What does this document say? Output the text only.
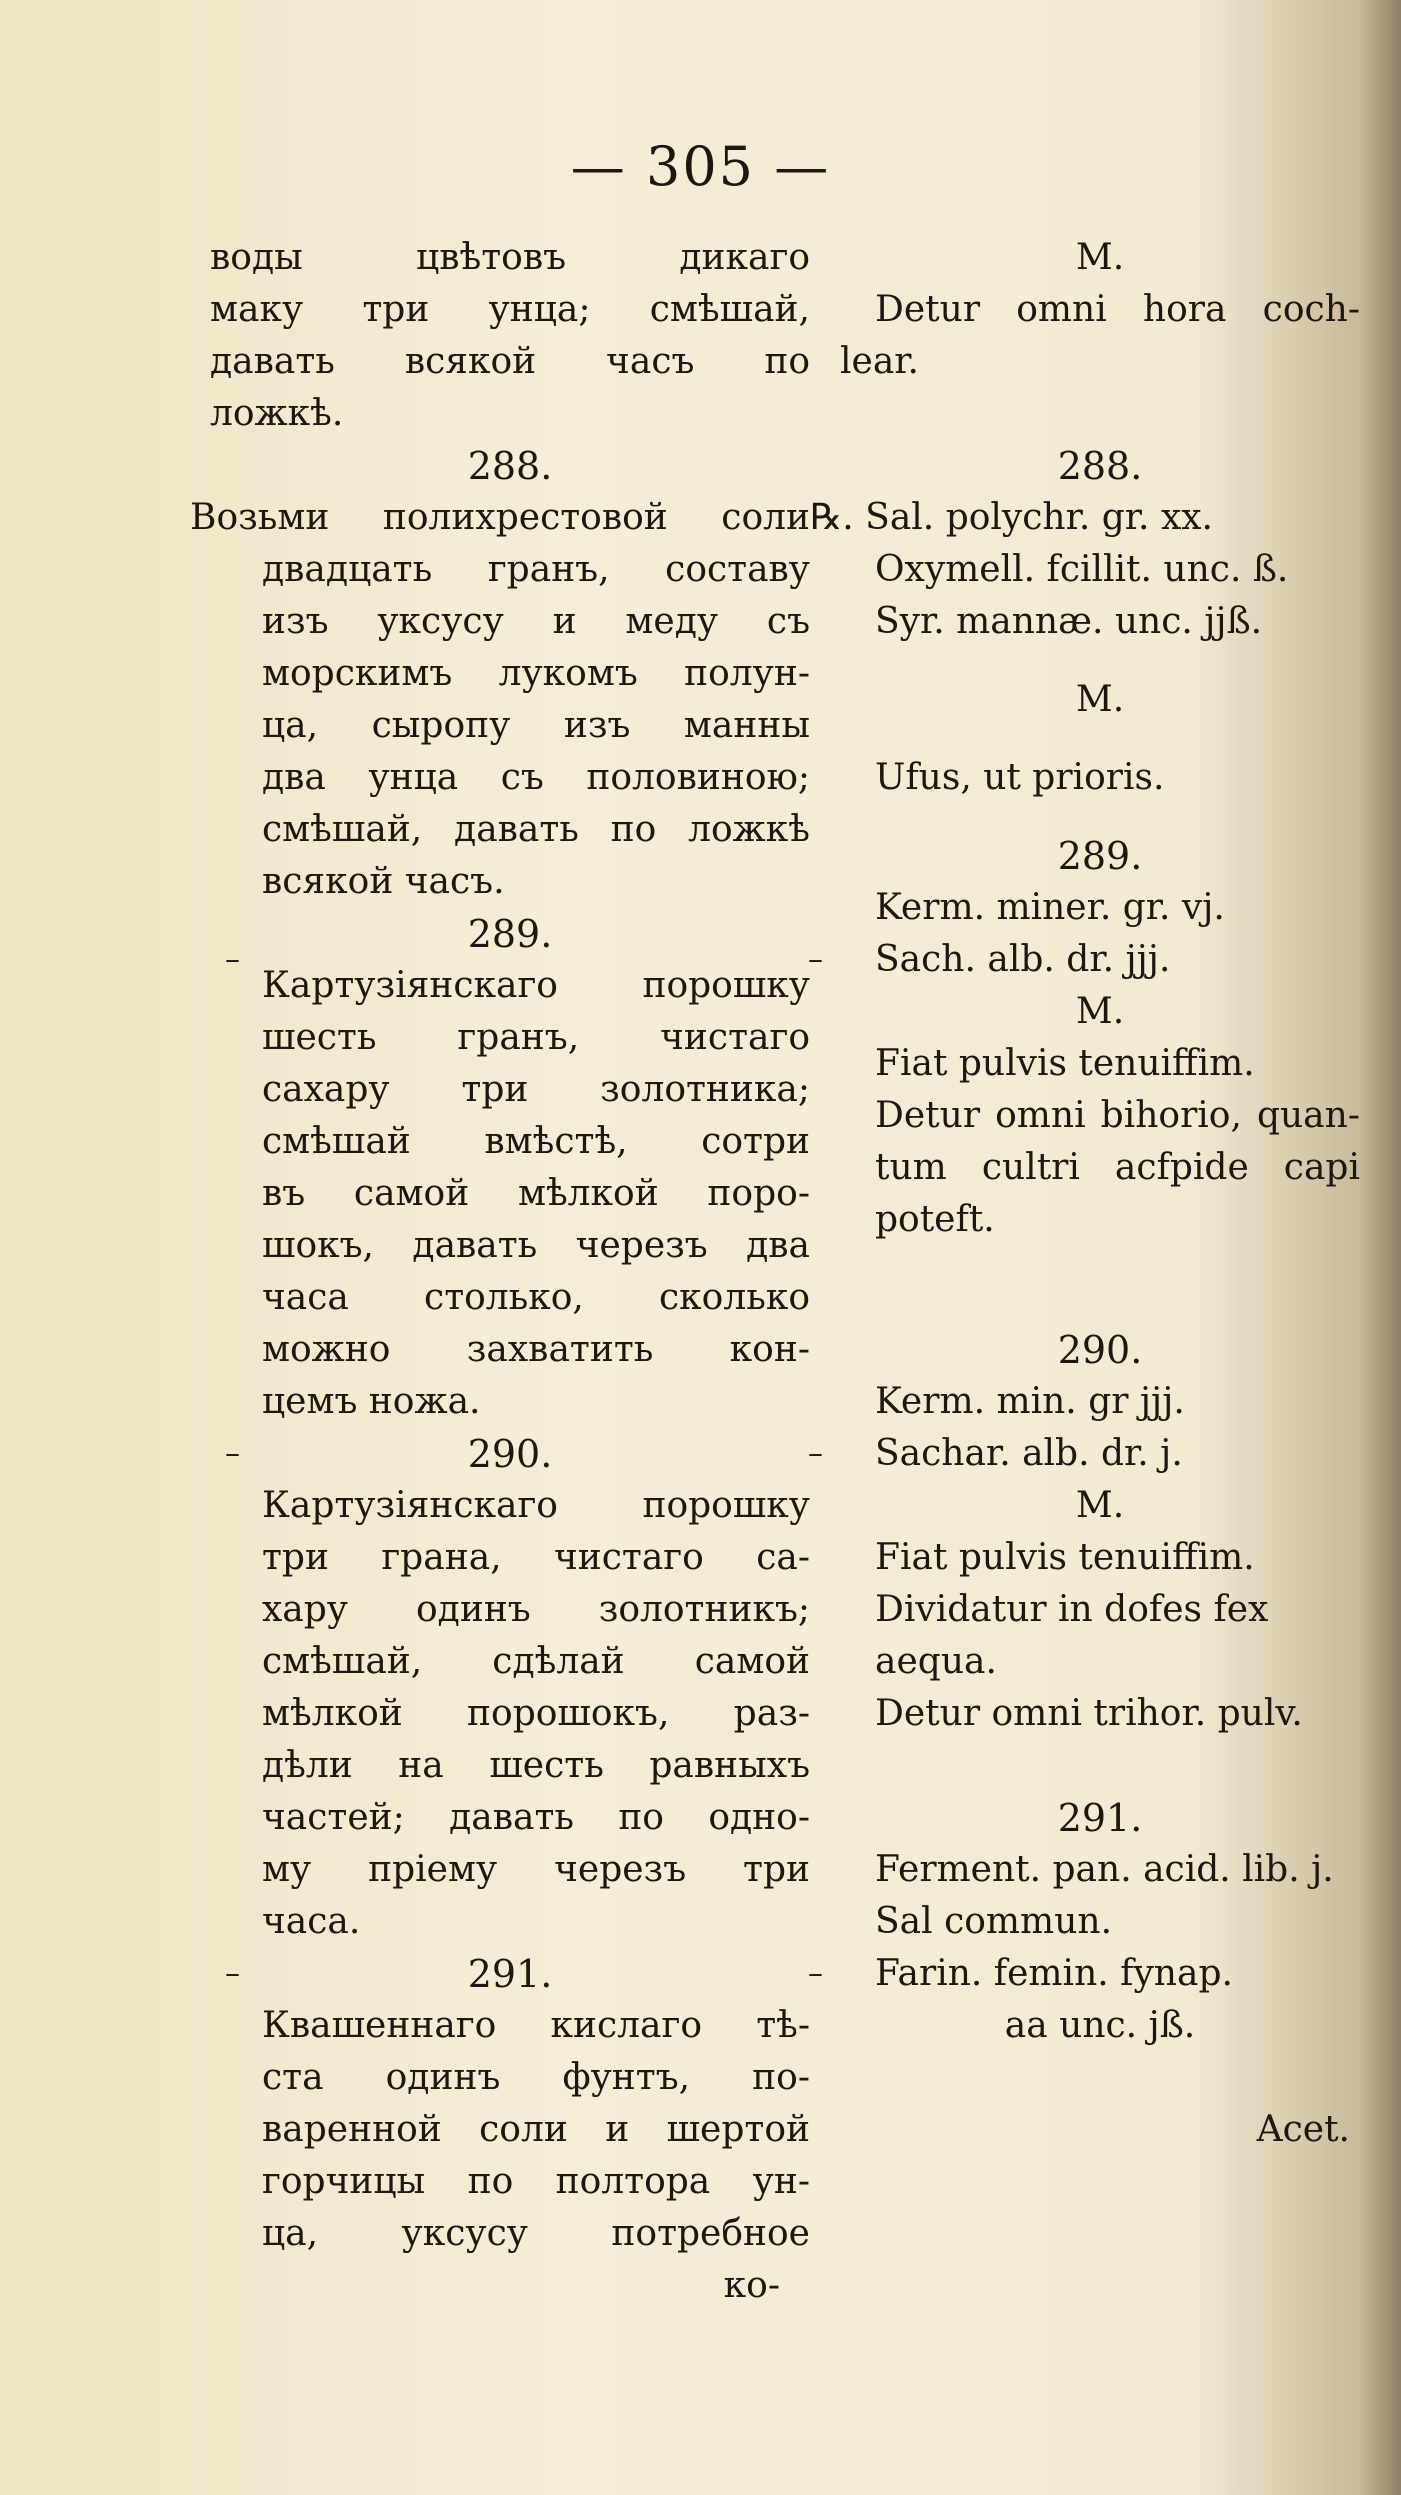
— 305 —
воды цвѣтовъ дикаго
маку три унца; смѣшай,
давать всякой часъ по
ложкѣ.
288.
Возьми полихрестовой соли
двадцать гранъ, составу
изъ уксусу и меду съ
морскимъ лукомъ полун-
ца, сыропу изъ манны
два унца съ половиною;
смѣшай, давать по ложкѣ
всякой часъ.
289.
Картузіянскаго порошку
шесть гранъ, чистаго
сахару три золотника;
смѣшай вмѣстѣ, сотри
въ самой мѣлкой поро-
шокъ, давать черезъ два
часа столько, сколько
можно захватить кон-
цемъ ножа.
290.
Картузіянскаго порошку
три грана, чистаго са-
хару одинъ золотникъ;
смѣшай, сдѣлай самой
мѣлкой порошокъ, раз-
дѣли на шесть равныхъ
частей; давать по одно-
му пріему черезъ три
часа.
291.
Квашеннаго кислаго тѣ-
ста одинъ фунтъ, по-
варенной соли и шертой
горчицы по полтора ун-
ца, уксусу потребное
ко-
–
–
–
–
–
–
M.
Detur omni hora coch-
lear.
288.
℞. Sal. polychr. gr. xx.
Oxymell. fcillit. unc. ß.
Syr. mannæ. unc. jjß.
M.
Ufus, ut prioris.
289.
Kerm. miner. gr. vj.
Sach. alb. dr. jjj.
M.
Fiat pulvis tenuiffim.
Detur omni bihorio, quan-
tum cultri acfpide capi
poteft.
290.
Kerm. min. gr jjj.
Sachar. alb. dr. j.
M.
Fiat pulvis tenuiffim.
Dividatur in dofes fex
aequa.
Detur omni trihor. pulv.
291.
Ferment. pan. acid. lib. j.
Sal commun.
Farin. femin. fynap.
aa unc. jß.
Acet.
